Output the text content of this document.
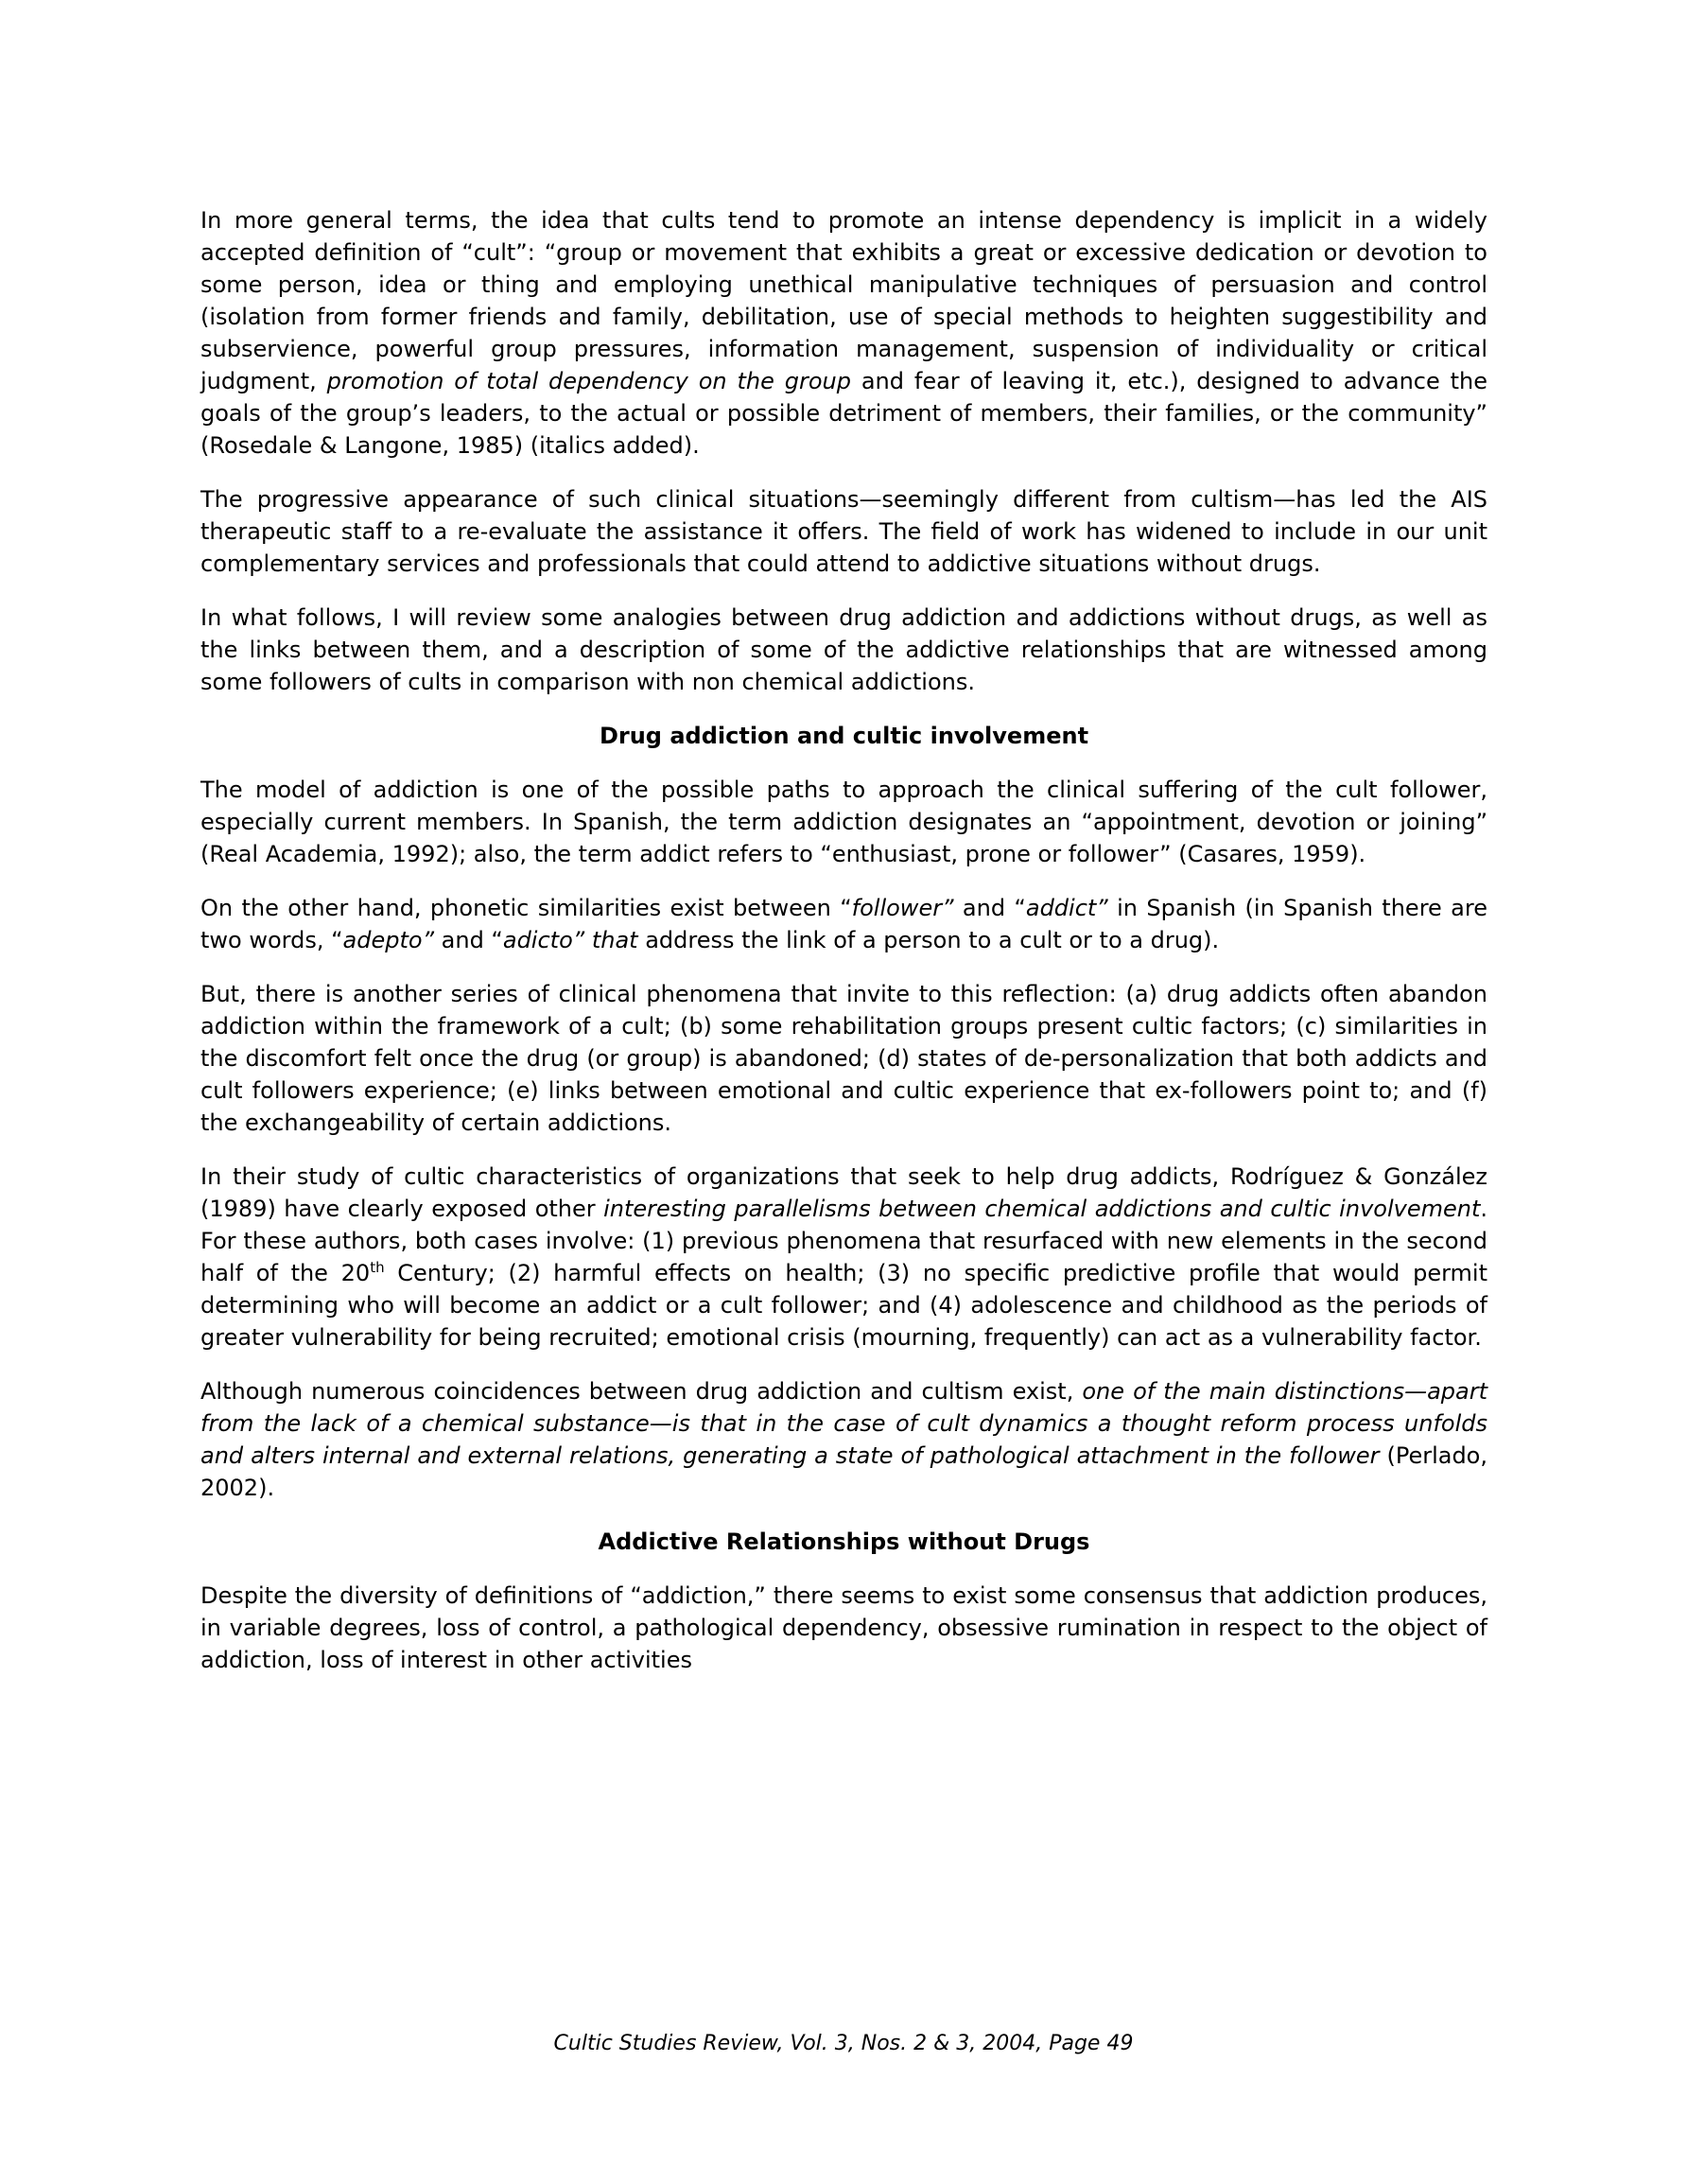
In more general terms, the idea that cults tend to promote an intense dependency is implicit in a widely accepted definition of “cult”: “group or movement that exhibits a great or excessive dedication or devotion to some person, idea or thing and employing unethical manipulative techniques of persuasion and control (isolation from former friends and family, debilitation, use of special methods to heighten suggestibility and subservience, powerful group pressures, information management, suspension of individuality or critical judgment, promotion of total dependency on the group and fear of leaving it, etc.), designed to advance the goals of the group’s leaders, to the actual or possible detriment of members, their families, or the community” (Rosedale & Langone, 1985) (italics added).

The progressive appearance of such clinical situations—seemingly different from cultism—has led the AIS therapeutic staff to a re-evaluate the assistance it offers. The field of work has widened to include in our unit complementary services and professionals that could attend to addictive situations without drugs.

In what follows, I will review some analogies between drug addiction and addictions without drugs, as well as the links between them, and a description of some of the addictive relationships that are witnessed among some followers of cults in comparison with non chemical addictions.

Drug addiction and cultic involvement

The model of addiction is one of the possible paths to approach the clinical suffering of the cult follower, especially current members. In Spanish, the term addiction designates an “appointment, devotion or joining” (Real Academia, 1992); also, the term addict refers to “enthusiast, prone or follower” (Casares, 1959).

On the other hand, phonetic similarities exist between “follower” and “addict” in Spanish (in Spanish there are two words, “adepto” and “adicto” that address the link of a person to a cult or to a drug).

But, there is another series of clinical phenomena that invite to this reflection: (a) drug addicts often abandon addiction within the framework of a cult; (b) some rehabilitation groups present cultic factors; (c) similarities in the discomfort felt once the drug (or group) is abandoned; (d) states of de-personalization that both addicts and cult followers experience; (e) links between emotional and cultic experience that ex-followers point to; and (f) the exchangeability of certain addictions.

In their study of cultic characteristics of organizations that seek to help drug addicts, Rodríguez & González (1989) have clearly exposed other interesting parallelisms between chemical addictions and cultic involvement. For these authors, both cases involve: (1) previous phenomena that resurfaced with new elements in the second half of the 20th Century; (2) harmful effects on health; (3) no specific predictive profile that would permit determining who will become an addict or a cult follower; and (4) adolescence and childhood as the periods of greater vulnerability for being recruited; emotional crisis (mourning, frequently) can act as a vulnerability factor.

Although numerous coincidences between drug addiction and cultism exist, one of the main distinctions—apart from the lack of a chemical substance—is that in the case of cult dynamics a thought reform process unfolds and alters internal and external relations, generating a state of pathological attachment in the follower (Perlado, 2002).

Addictive Relationships without Drugs

Despite the diversity of definitions of “addiction,” there seems to exist some consensus that addiction produces, in variable degrees, loss of control, a pathological dependency, obsessive rumination in respect to the object of addiction, loss of interest in other activities

Cultic Studies Review, Vol. 3, Nos. 2 & 3, 2004, Page 49
